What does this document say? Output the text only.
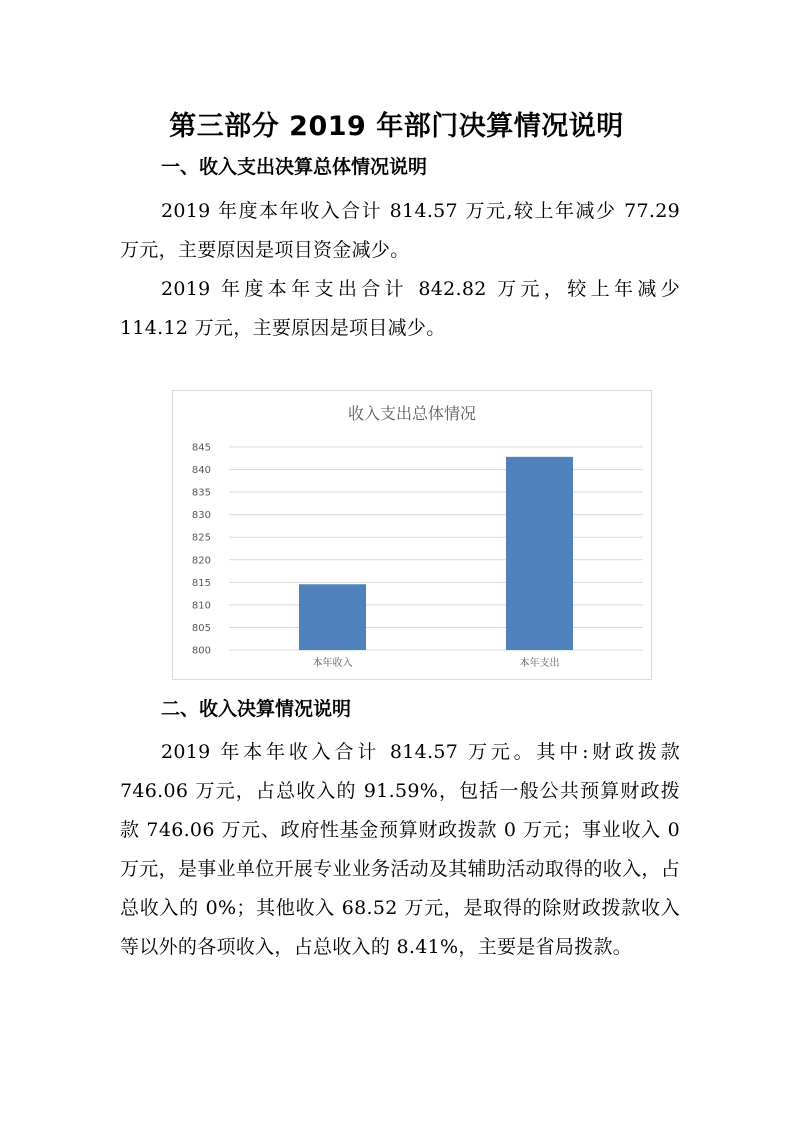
第三部分 2019 年部门决算情况说明
一、收入支出决算总体情况说明
2019 年度本年收入合计 814.57 万元,较上年减少 77.29 万元，主要原因是项目资金减少。
2019 年度本年支出合计 842.82 万元，较上年减少 114.12 万元，主要原因是项目减少。
收入支出总体情况
800
805
810
815
820
825
830
835
840
845
本年收入	本年支出
二、收入决算情况说明
2019 年本年收入合计 814.57 万元。其中:财政拨款 746.06 万元，占总收入的 91.59%，包括一般公共预算财政拨款 746.06 万元、政府性基金预算财政拨款 0 万元；事业收入 0 万元，是事业单位开展专业业务活动及其辅助活动取得的收入，占总收入的 0%；其他收入 68.52 万元，是取得的除财政拨款收入等以外的各项收入，占总收入的 8.41%，主要是省局拨款。
